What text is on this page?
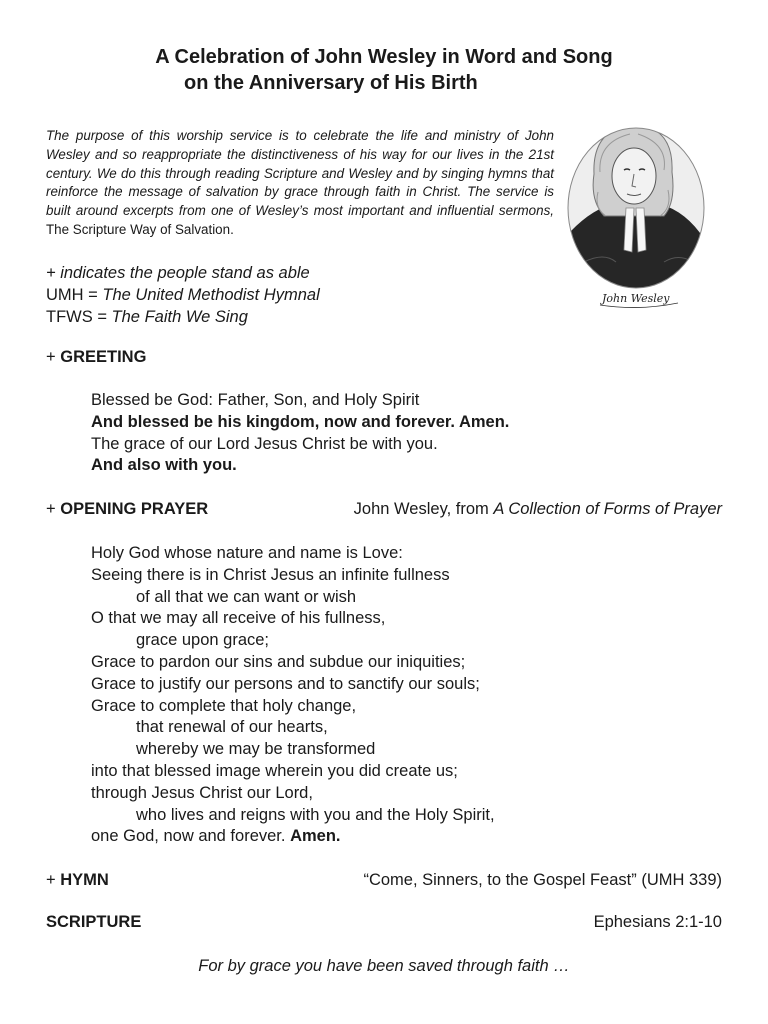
A Celebration of John Wesley in Word and Song
on the Anniversary of His Birth
The purpose of this worship service is to celebrate the life and ministry of John Wesley and so reappropriate the distinctiveness of his way for our lives in the 21st century. We do this through reading Scripture and Wesley and by singing hymns that reinforce the message of salvation by grace through faith in Christ. The service is built around excerpts from one of Wesley’s most important and influential sermons, The Scripture Way of Salvation.
John Wesley
+ indicates the people stand as able
UMH = The United Methodist Hymnal
TFWS = The Faith We Sing
+ GREETING
Blessed be God: Father, Son, and Holy Spirit
And blessed be his kingdom, now and forever. Amen.
The grace of our Lord Jesus Christ be with you.
And also with you.
+ OPENING PRAYER	John Wesley, from A Collection of Forms of Prayer
Holy God whose nature and name is Love:
Seeing there is in Christ Jesus an infinite fullness
of all that we can want or wish
O that we may all receive of his fullness,
grace upon grace;
Grace to pardon our sins and subdue our iniquities;
Grace to justify our persons and to sanctify our souls;
Grace to complete that holy change,
that renewal of our hearts,
whereby we may be transformed
into that blessed image wherein you did create us;
through Jesus Christ our Lord,
who lives and reigns with you and the Holy Spirit,
one God, now and forever. Amen.
+ HYMN	“Come, Sinners, to the Gospel Feast” (UMH 339)
SCRIPTURE	Ephesians 2:1-10
For by grace you have been saved through faith …
